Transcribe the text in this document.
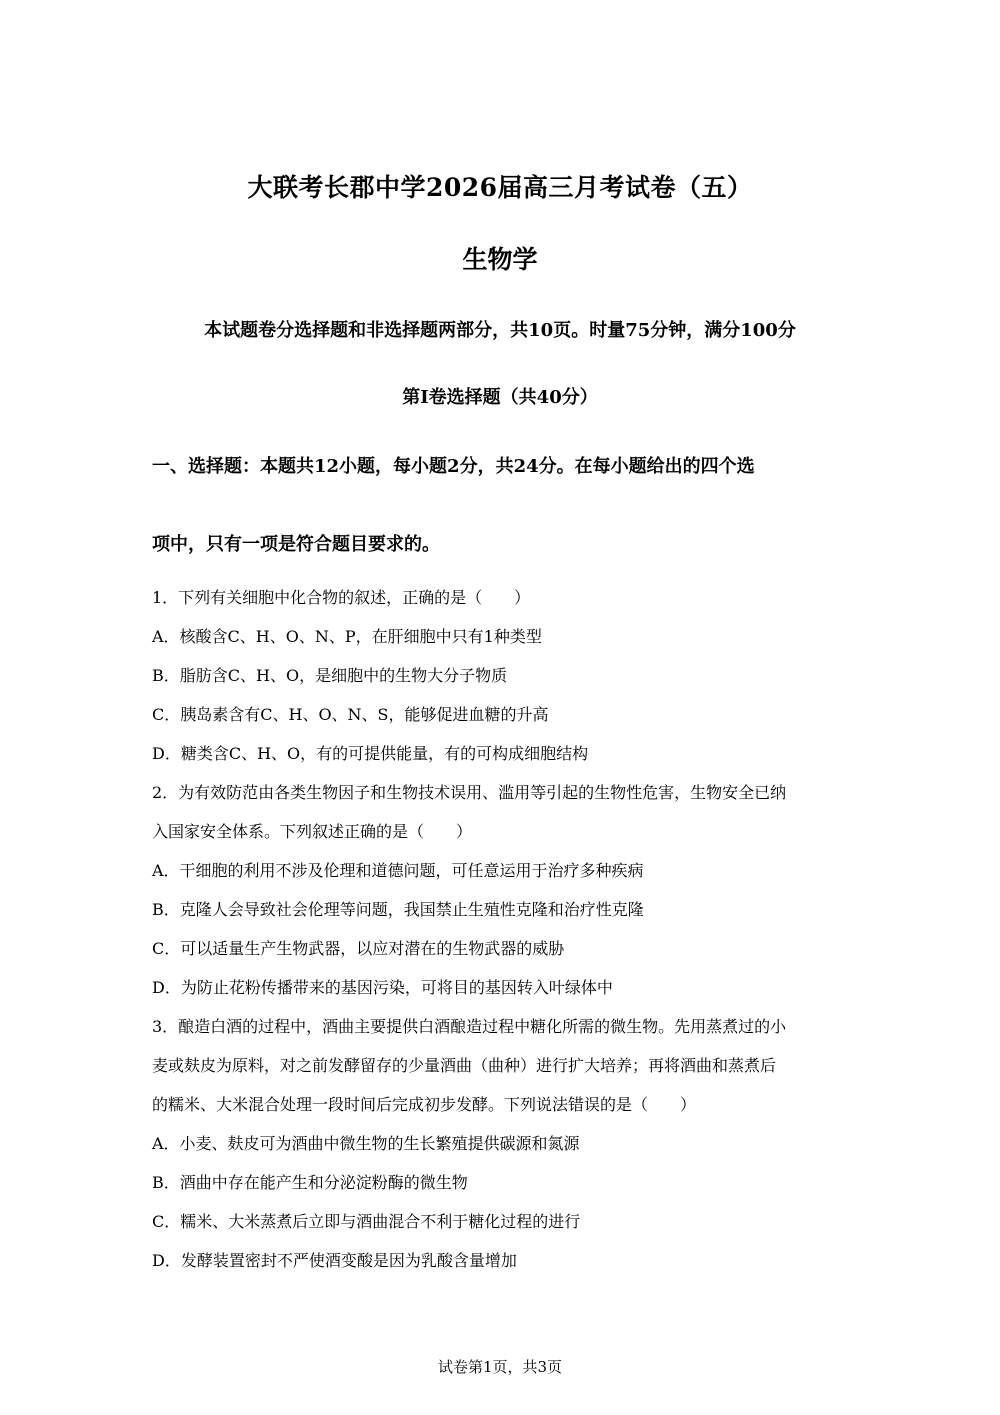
大联考长郡中学2026届高三月考试卷（五）
生物学
本试题卷分选择题和非选择题两部分，共10页。时量75分钟，满分100分
第I卷选择题（共40分）
一、选择题：本题共12小题，每小题2分，共24分。在每小题给出的四个选
项中，只有一项是符合题目要求的。
1．下列有关细胞中化合物的叙述，正确的是（　　）
A．核酸含C、H、O、N、P，在肝细胞中只有1种类型
B．脂肪含C、H、O，是细胞中的生物大分子物质
C．胰岛素含有C、H、O、N、S，能够促进血糖的升高
D．糖类含C、H、O，有的可提供能量，有的可构成细胞结构
2．为有效防范由各类生物因子和生物技术误用、滥用等引起的生物性危害，生物安全已纳
入国家安全体系。下列叙述正确的是（　　）
A．干细胞的利用不涉及伦理和道德问题，可任意运用于治疗多种疾病
B．克隆人会导致社会伦理等问题，我国禁止生殖性克隆和治疗性克隆
C．可以适量生产生物武器，以应对潜在的生物武器的威胁
D．为防止花粉传播带来的基因污染，可将目的基因转入叶绿体中
3．酿造白酒的过程中，酒曲主要提供白酒酿造过程中糖化所需的微生物。先用蒸煮过的小
麦或麸皮为原料，对之前发酵留存的少量酒曲（曲种）进行扩大培养；再将酒曲和蒸煮后
的糯米、大米混合处理一段时间后完成初步发酵。下列说法错误的是（　　）
A．小麦、麸皮可为酒曲中微生物的生长繁殖提供碳源和氮源
B．酒曲中存在能产生和分泌淀粉酶的微生物
C．糯米、大米蒸煮后立即与酒曲混合不利于糖化过程的进行
D．发酵装置密封不严使酒变酸是因为乳酸含量增加
试卷第1页，共3页
